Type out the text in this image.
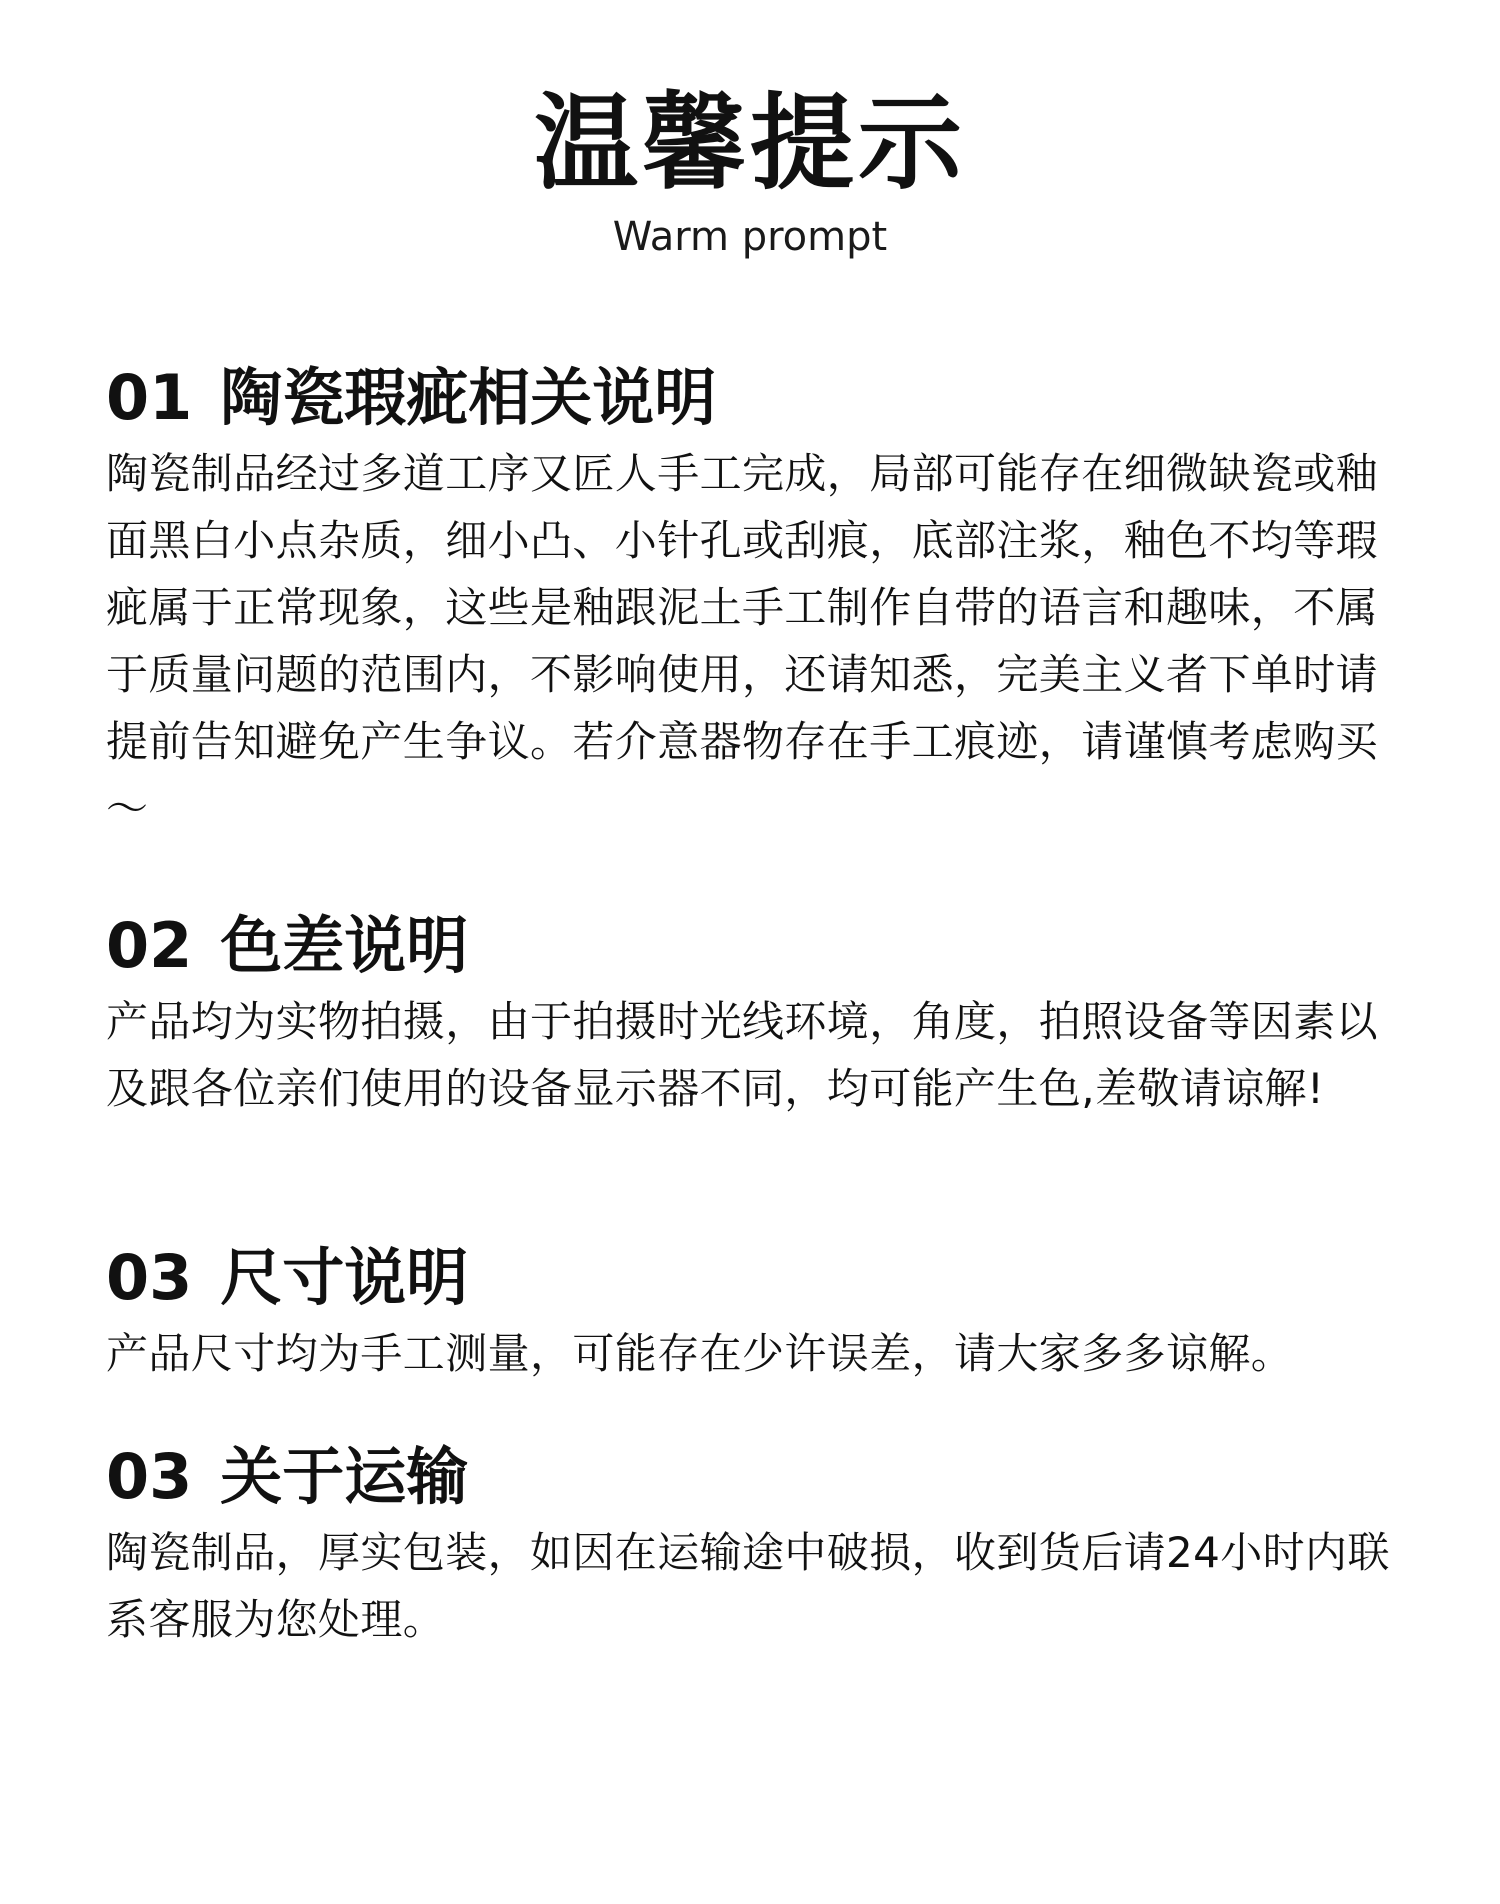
温馨提示
Warm prompt
01 陶瓷瑕疵相关说明

陶瓷制品经过多道工序又匠人手工完成，局部可能存在细微缺瓷或釉面黑白小点杂质，细小凸、小针孔或刮痕，底部注浆，釉色不均等瑕疵属于正常现象，这些是釉跟泥土手工制作自带的语言和趣味，不属于质量问题的范围内，不影响使用，还请知悉，完美主义者下单时请提前告知避免产生争议。若介意器物存在手工痕迹，请谨慎考虑购买～

02 色差说明

产品均为实物拍摄，由于拍摄时光线环境，角度，拍照设备等因素以及跟各位亲们使用的设备显示器不同，均可能产生色,差敬请谅解!

03 尺寸说明

产品尺寸均为手工测量，可能存在少许误差，请大家多多谅解。

03 关于运输

陶瓷制品，厚实包装，如因在运输途中破损，收到货后请24小时内联系客服为您处理。
